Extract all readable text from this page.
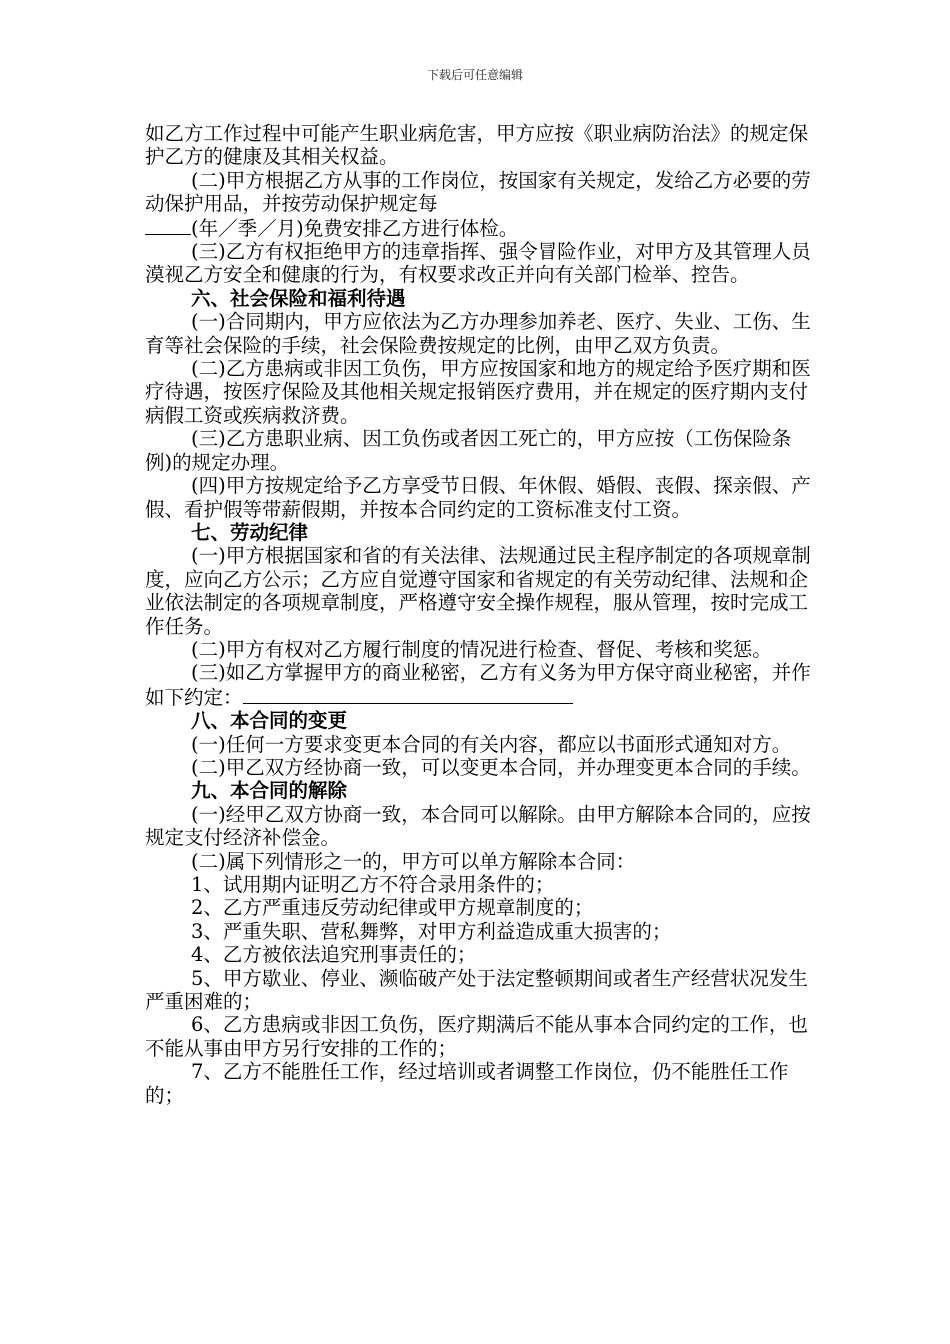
下载后可任意编辑

如乙方工作过程中可能产生职业病危害，甲方应按《职业病防治法》的规定保护乙方的健康及其相关权益。

(二)甲方根据乙方从事的工作岗位，按国家有关规定，发给乙方必要的劳动保护用品，并按劳动保护规定每

(年／季／月)免费安排乙方进行体检。

(三)乙方有权拒绝甲方的违章指挥、强令冒险作业，对甲方及其管理人员漠视乙方安全和健康的行为，有权要求改正并向有关部门检举、控告。

六、社会保险和福利待遇

(一)合同期内，甲方应依法为乙方办理参加养老、医疗、失业、工伤、生育等社会保险的手续，社会保险费按规定的比例，由甲乙双方负责。

(二)乙方患病或非因工负伤，甲方应按国家和地方的规定给予医疗期和医疗待遇，按医疗保险及其他相关规定报销医疗费用，并在规定的医疗期内支付病假工资或疾病救济费。

(三)乙方患职业病、因工负伤或者因工死亡的，甲方应按（工伤保险条例)的规定办理。

(四)甲方按规定给予乙方享受节日假、年休假、婚假、丧假、探亲假、产假、看护假等带薪假期，并按本合同约定的工资标准支付工资。

七、劳动纪律

(一)甲方根据国家和省的有关法律、法规通过民主程序制定的各项规章制度，应向乙方公示；乙方应自觉遵守国家和省规定的有关劳动纪律、法规和企业依法制定的各项规章制度，严格遵守安全操作规程，服从管理，按时完成工作任务。

(二)甲方有权对乙方履行制度的情况进行检查、督促、考核和奖惩。

(三)如乙方掌握甲方的商业秘密，乙方有义务为甲方保守商业秘密，并作如下约定：

八、本合同的变更

(一)任何一方要求变更本合同的有关内容，都应以书面形式通知对方。

(二)甲乙双方经协商一致，可以变更本合同，并办理变更本合同的手续。

九、本合同的解除

(一)经甲乙双方协商一致，本合同可以解除。由甲方解除本合同的，应按规定支付经济补偿金。

(二)属下列情形之一的，甲方可以单方解除本合同：

1、试用期内证明乙方不符合录用条件的；

2、乙方严重违反劳动纪律或甲方规章制度的；

3、严重失职、营私舞弊，对甲方利益造成重大损害的；

4、乙方被依法追究刑事责任的；

5、甲方歇业、停业、濒临破产处于法定整顿期间或者生产经营状况发生严重困难的；

6、乙方患病或非因工负伤，医疗期满后不能从事本合同约定的工作，也不能从事由甲方另行安排的工作的；

7、乙方不能胜任工作，经过培训或者调整工作岗位，仍不能胜任工作的；
